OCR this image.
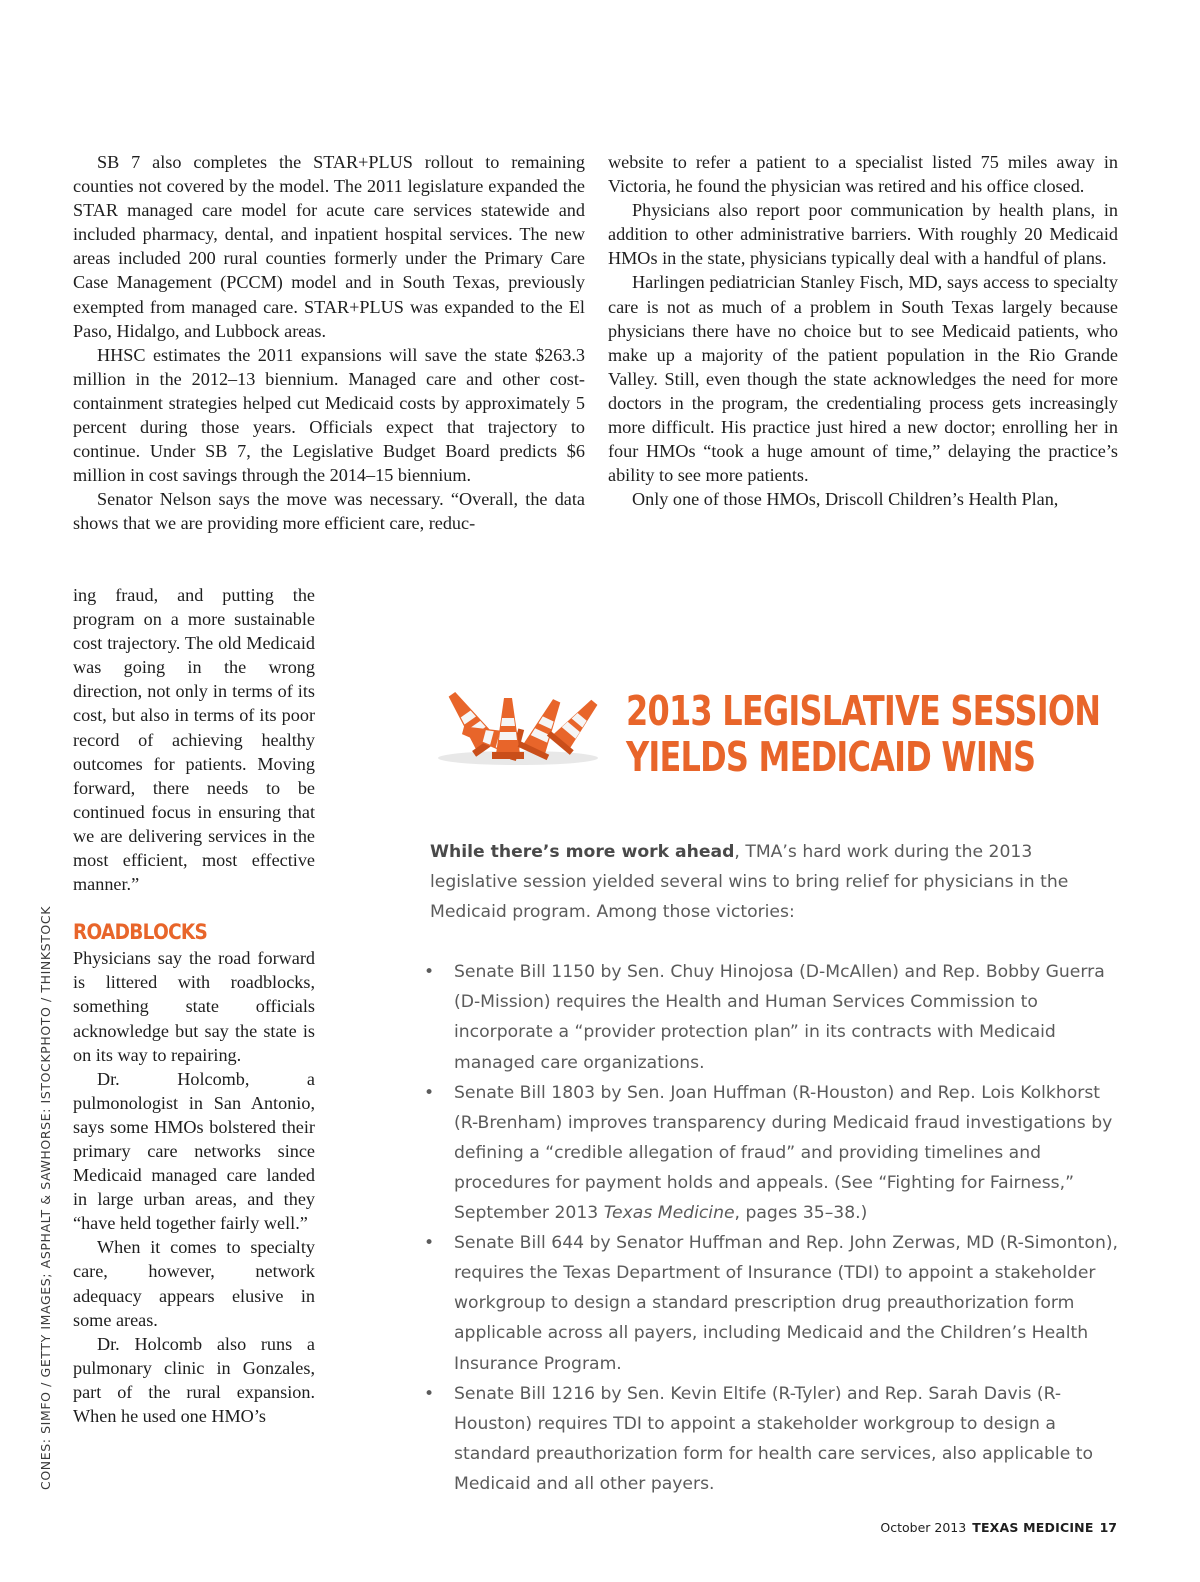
SB 7 also completes the STAR+PLUS rollout to remaining counties not covered by the model. The 2011 legislature expanded the STAR managed care model for acute care services statewide and included pharmacy, dental, and inpatient hospital services. The new areas included 200 rural counties formerly under the Primary Care Case Management (PCCM) model and in South Texas, previously exempted from managed care. STAR+PLUS was expanded to the El Paso, Hidalgo, and Lubbock areas.

HHSC estimates the 2011 expansions will save the state $263.3 million in the 2012–13 biennium. Managed care and other cost-containment strategies helped cut Medicaid costs by approximately 5 percent during those years. Officials expect that trajectory to continue. Under SB 7, the Legislative Budget Board predicts $6 million in cost savings through the 2014–15 biennium.

Senator Nelson says the move was necessary. “Overall, the data shows that we are providing more efficient care, reduc-

ing fraud, and putting the program on a more sustainable cost trajectory. The old Medicaid was going in the wrong direction, not only in terms of its cost, but also in terms of its poor record of achieving healthy outcomes for patients. Moving forward, there needs to be continued focus in ensuring that we are delivering services in the most efficient, most effective manner.”

ROADBLOCKS

Physicians say the road forward is littered with roadblocks, something state officials acknowledge but say the state is on its way to repairing.

Dr. Holcomb, a pulmonologist in San Antonio, says some HMOs bolstered their primary care networks since Medicaid managed care landed in large urban areas, and they “have held together fairly well.”

When it comes to specialty care, however, network adequacy appears elusive in some areas.

Dr. Holcomb also runs a pulmonary clinic in Gonzales, part of the rural expansion. When he used one HMO’s

website to refer a patient to a specialist listed 75 miles away in Victoria, he found the physician was retired and his office closed.

Physicians also report poor communication by health plans, in addition to other administrative barriers. With roughly 20 Medicaid HMOs in the state, physicians typically deal with a handful of plans.

Harlingen pediatrician Stanley Fisch, MD, says access to specialty care is not as much of a problem in South Texas largely because physicians there have no choice but to see Medicaid patients, who make up a majority of the patient population in the Rio Grande Valley. Still, even though the state acknowledges the need for more doctors in the program, the credentialing process gets increasingly more difficult. His practice just hired a new doctor; enrolling her in four HMOs “took a huge amount of time,” delaying the practice’s ability to see more patients.

Only one of those HMOs, Driscoll Children’s Health Plan,

2013 LEGISLATIVE SESSION
YIELDS MEDICAID WINS

While there’s more work ahead, TMA’s hard work during the 2013 legislative session yielded several wins to bring relief for physicians in the Medicaid program. Among those victories:

• Senate Bill 1150 by Sen. Chuy Hinojosa (D-McAllen) and Rep. Bobby Guerra (D-Mission) requires the Health and Human Services Commission to incorporate a “provider protection plan” in its contracts with Medicaid managed care organizations.
• Senate Bill 1803 by Sen. Joan Huffman (R-Houston) and Rep. Lois Kolkhorst (R-Brenham) improves transparency during Medicaid fraud investigations by defining a “credible allegation of fraud” and providing timelines and procedures for payment holds and appeals. (See “Fighting for Fairness,” September 2013 Texas Medicine, pages 35–38.)
• Senate Bill 644 by Senator Huffman and Rep. John Zerwas, MD (R-Simonton), requires the Texas Department of Insurance (TDI) to appoint a stakeholder workgroup to design a standard prescription drug preauthorization form applicable across all payers, including Medicaid and the Children’s Health Insurance Program.
• Senate Bill 1216 by Sen. Kevin Eltife (R-Tyler) and Rep. Sarah Davis (R-Houston) requires TDI to appoint a stakeholder workgroup to design a standard preauthorization form for health care services, also applicable to Medicaid and all other payers.
CONES: SIMFO / GETTY IMAGES; ASPHALT & SAWHORSE: ISTOCKPHOTO / THINKSTOCK
October 2013 TEXAS MEDICINE 17
